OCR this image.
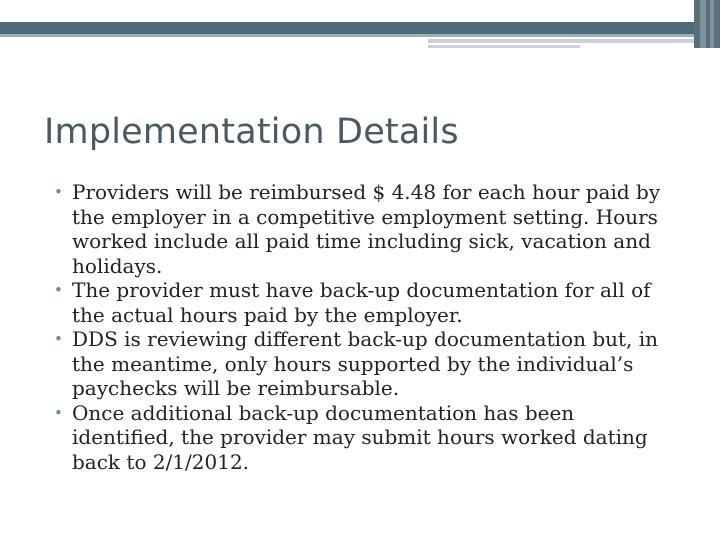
Implementation Details
• Providers will be reimbursed $ 4.48 for each hour paid by the employer in a competitive employment setting. Hours worked include all paid time including sick, vacation and holidays.
• The provider must have back-up documentation for all of the actual hours paid by the employer.
• DDS is reviewing different back-up documentation but, in the meantime, only hours supported by the individual’s paychecks will be reimbursable.
• Once additional back-up documentation has been identified, the provider may submit hours worked dating back to 2/1/2012.
